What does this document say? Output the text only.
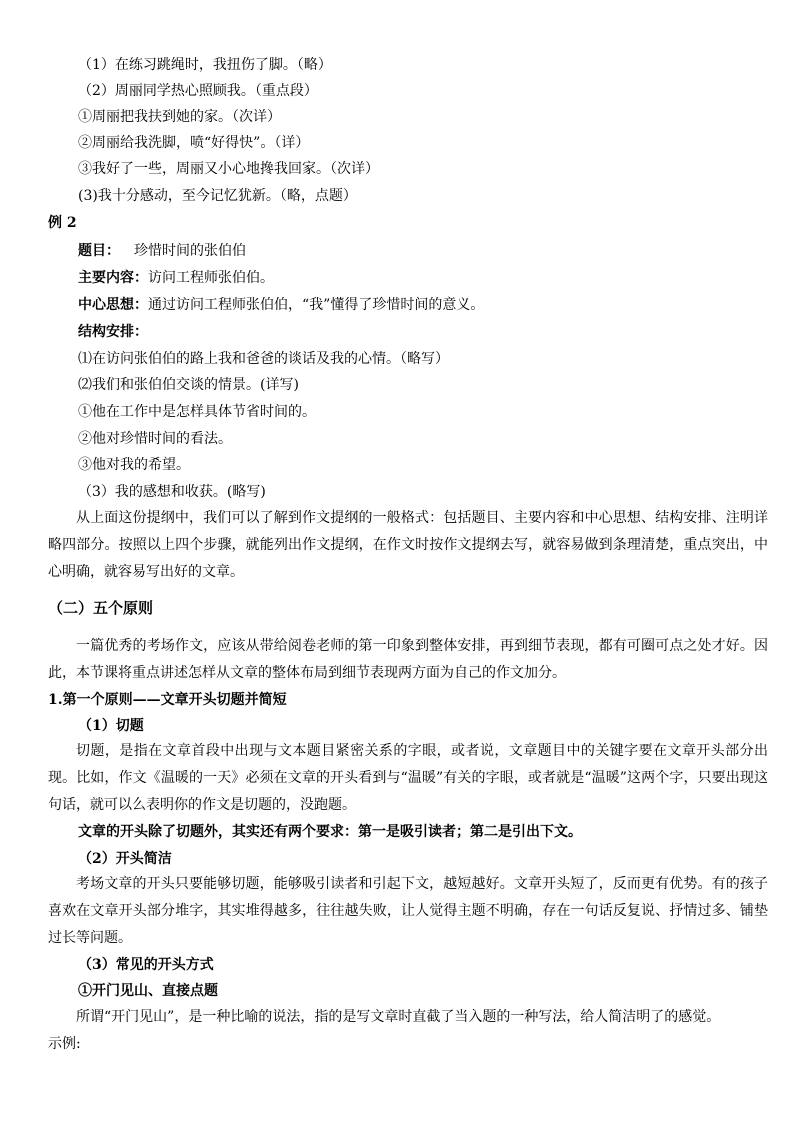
（1）在练习跳绳时，我扭伤了脚。（略）
（2）周丽同学热心照顾我。（重点段）
①周丽把我扶到她的家。（次详）
②周丽给我洗脚，喷“好得快”。（详）
③我好了一些，周丽又小心地搀我回家。（次详）
(3)我十分感动，至今记忆犹新。（略，点题）
例 2
题目： 珍惜时间的张伯伯
主要内容：访问工程师张伯伯。
中心思想：通过访问工程师张伯伯，“我”懂得了珍惜时间的意义。
结构安排：
⑴在访问张伯伯的路上我和爸爸的谈话及我的心情。（略写）
⑵我们和张伯伯交谈的情景。(详写)
①他在工作中是怎样具体节省时间的。
②他对珍惜时间的看法。
③他对我的希望。
（3）我的感想和收获。(略写)
从上面这份提纲中，我们可以了解到作文提纲的一般格式：包括题目、主要内容和中心思想、结构安排、注明详略四部分。按照以上四个步骤，就能列出作文提纲，在作文时按作文提纲去写，就容易做到条理清楚，重点突出，中心明确，就容易写出好的文章。
（二）五个原则
一篇优秀的考场作文，应该从带给阅卷老师的第一印象到整体安排，再到细节表现，都有可圈可点之处才好。因此，本节课将重点讲述怎样从文章的整体布局到细节表现两方面为自己的作文加分。
1.第一个原则——文章开头切题并简短
（1）切题
切题，是指在文章首段中出现与文本题目紧密关系的字眼，或者说，文章题目中的关键字要在文章开头部分出现。比如，作文《温暖的一天》必须在文章的开头看到与“温暖”有关的字眼，或者就是“温暖”这两个字，只要出现这句话，就可以么表明你的作文是切题的，没跑题。
文章的开头除了切题外，其实还有两个要求：第一是吸引读者；第二是引出下文。
（2）开头简洁
考场文章的开头只要能够切题，能够吸引读者和引起下文，越短越好。文章开头短了，反而更有优势。有的孩子喜欢在文章开头部分堆字，其实堆得越多，往往越失败，让人觉得主题不明确，存在一句话反复说、抒情过多、铺垫过长等问题。
（3）常见的开头方式
①开门见山、直接点题
所谓“开门见山”，是一种比喻的说法，指的是写文章时直截了当入题的一种写法，给人简洁明了的感觉。
示例:
